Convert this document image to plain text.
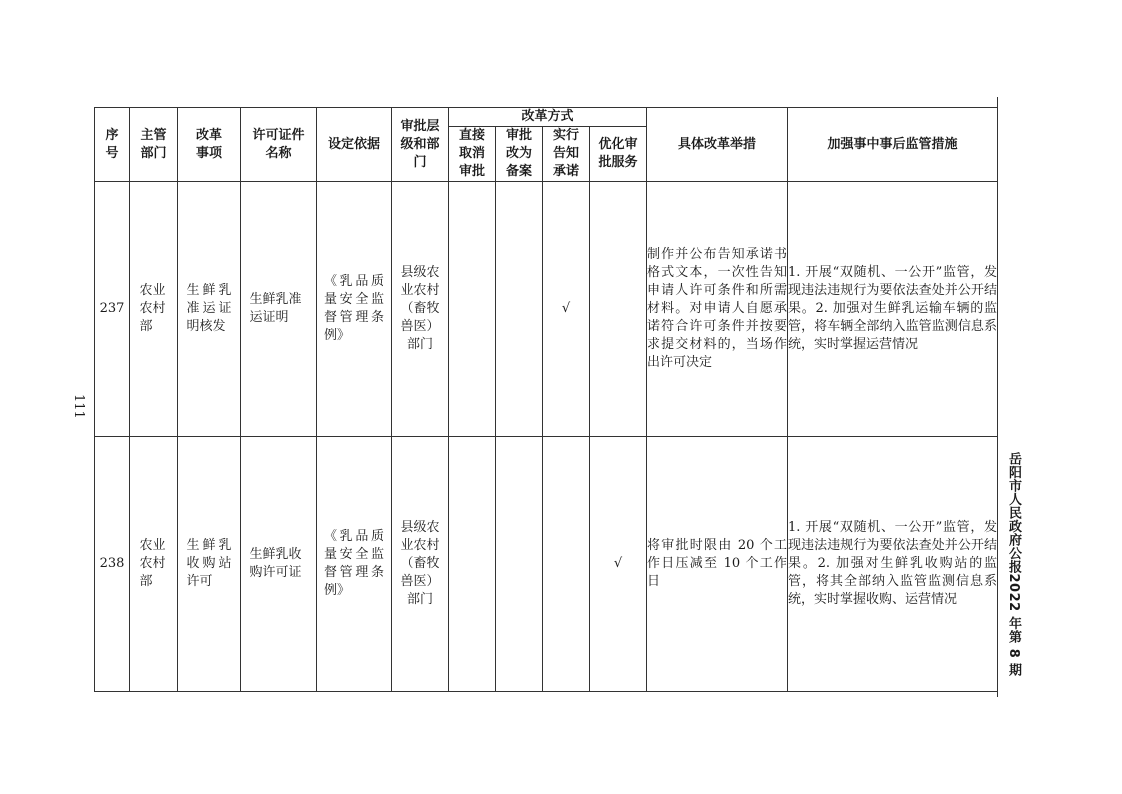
111
岳阳市人民政府公报2022 年第 8 期
序号	主管部门	改革事项	许可证件名称	设定依据	审批层级和部门	改革方式				具体改革举措	加强事中事后监管措施

						直接取消审批	审批改为备案	实行告知承诺	优化审批服务		

237	农业农村部	生鲜乳准运证明核发	生鲜乳准运证明	《乳品质量安全监督管理条例》	县级农业农村（畜牧兽医）部门			√		制作并公布告知承诺书格式文本，一次性告知申请人许可条件和所需材料。对申请人自愿承诺符合许可条件并按要求提交材料的，当场作出许可决定	1. 开展“双随机、一公开”监管，发现违法违规行为要依法查处并公开结果。2. 加强对生鲜乳运输车辆的监管，将车辆全部纳入监管监测信息系统，实时掌握运营情况

238	农业农村部	生鲜乳收购站许可	生鲜乳收购许可证	《乳品质量安全监督管理条例》	县级农业农村（畜牧兽医）部门				√	将审批时限由 20 个工作日压减至 10 个工作日	1. 开展“双随机、一公开”监管，发现违法违规行为要依法查处并公开结果。2. 加强对生鲜乳收购站的监管，将其全部纳入监管监测信息系统，实时掌握收购、运营情况
